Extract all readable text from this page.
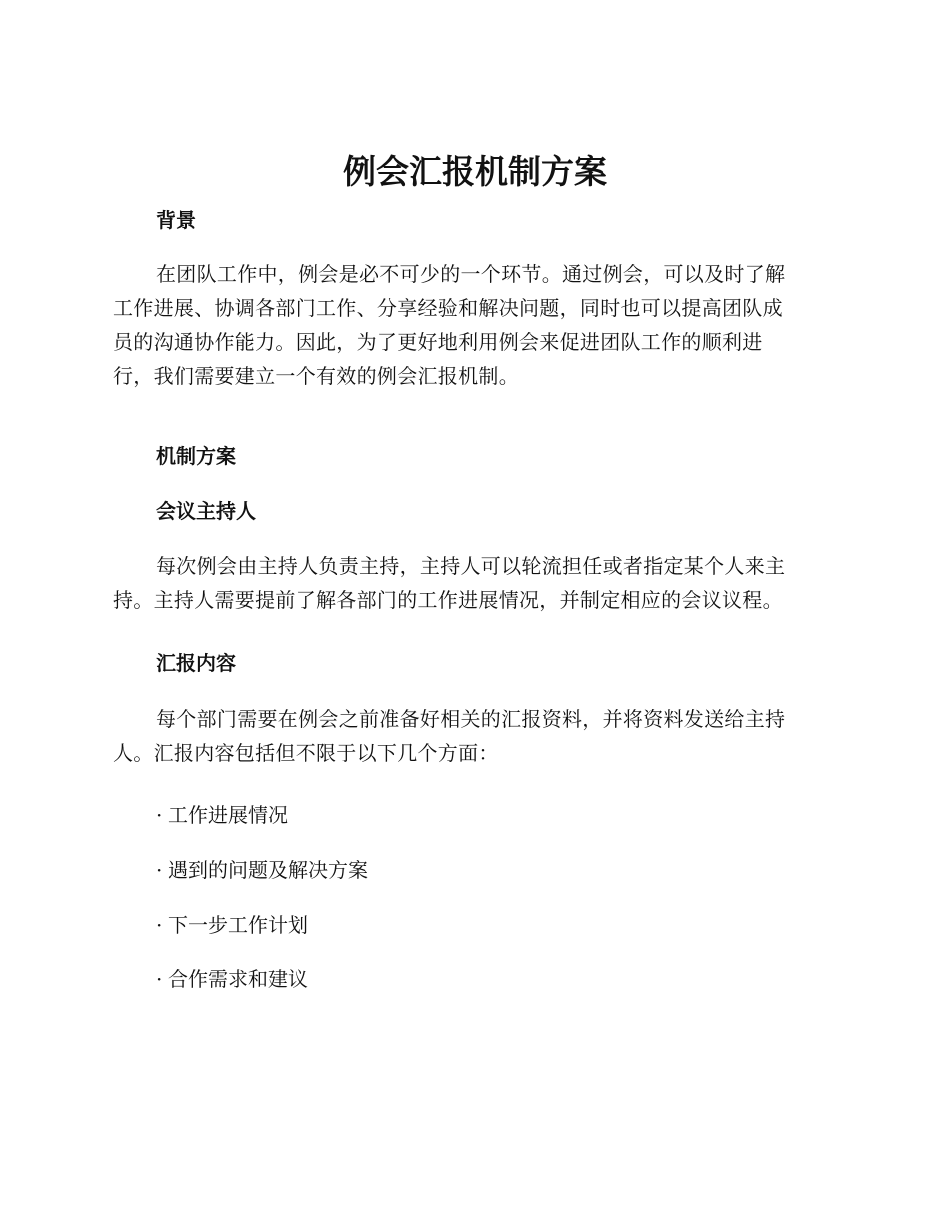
例会汇报机制方案
背景
在团队工作中，例会是必不可少的一个环节。通过例会，可以及时了解
工作进展、协调各部门工作、分享经验和解决问题，同时也可以提高团队成
员的沟通协作能力。因此，为了更好地利用例会来促进团队工作的顺利进
行，我们需要建立一个有效的例会汇报机制。
机制方案
会议主持人
每次例会由主持人负责主持，主持人可以轮流担任或者指定某个人来主
持。主持人需要提前了解各部门的工作进展情况，并制定相应的会议议程。
汇报内容
每个部门需要在例会之前准备好相关的汇报资料，并将资料发送给主持
人。汇报内容包括但不限于以下几个方面：
· 工作进展情况
· 遇到的问题及解决方案
· 下一步工作计划
· 合作需求和建议
